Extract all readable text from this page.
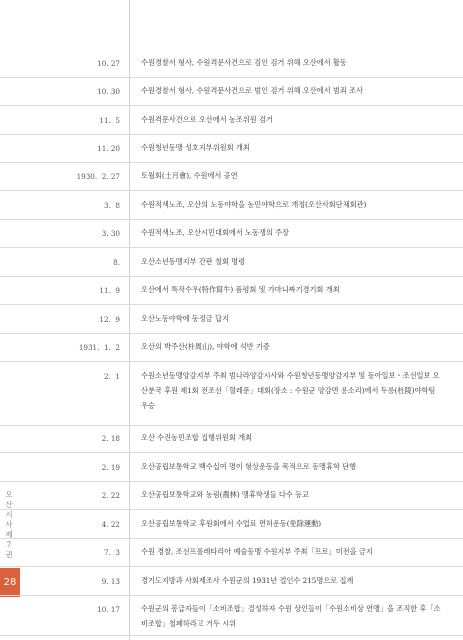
오산시사 제7권
28
10. 27	수원경찰서 형사, 수원격문사건으로 검인 검거 위해 오산에서 활동
10. 30	수원경찰서 형사, 수원격문사건으로 범인 검거 위해 오산에서 범죄 조사
11.  5	수원격문사건으로 오산에서 농조위원 검거
11. 20	수원청년동맹 성호지부위원회 개최
1930.  2. 27	토월회(土月會), 수원에서 공연
3.  8	수원적색노조, 오산의 노동야학을 농민야학으로 개정(오산사회단체회관)
3. 30	수원적색노조, 오산시민대회에서 노동쟁의 주장
8.	오산소년동맹지부 간판 철회 명령
11.  9	오산에서 특작수우(特作寫牛) 품평회 및 가마니짜기경기회 개최
12.  9	오산노동야학에 동정금 답지
1931.  1.  2	오산의 박주산(朴周山), 야학에 석반 기증
2.  1	수원소년동맹양감지부 주최 범나라양감시사와 수원청년동맹양감지부 및 동아일보・조선일보 오산분국 후원 제1회 전조선「혈레문」대회(장소 : 수원군 양감면 용소리)에서 두릉(杜陵)야학팀 우승
2. 18	오산 수진농민조합 집행위원회 개최
2. 19	오산공립보통학교 백수십여 명이 형상운동을 목적으로 동맹휴학 단행
2. 22	오산공립보통학교와 농림(農林) 맹휴학생들 다수 등교
4. 22	오산공립보통학교 후원회에서 수업료 면허운동(免除運動)
7.  3	수원 경찰, 조선프롤레타리아 예술동맹 수원지부 주최「프로」미전을 금지
9. 13	경기도지방과 사회제조사 수원군의 1931년 결인수 215명으로 집계
10. 17	수원군의 봉급자들이「소비조합」결성하자 수원 상인들이「수원소비상 연맹」을 조직한 후「소비조합」철폐하라고 거두 시위
